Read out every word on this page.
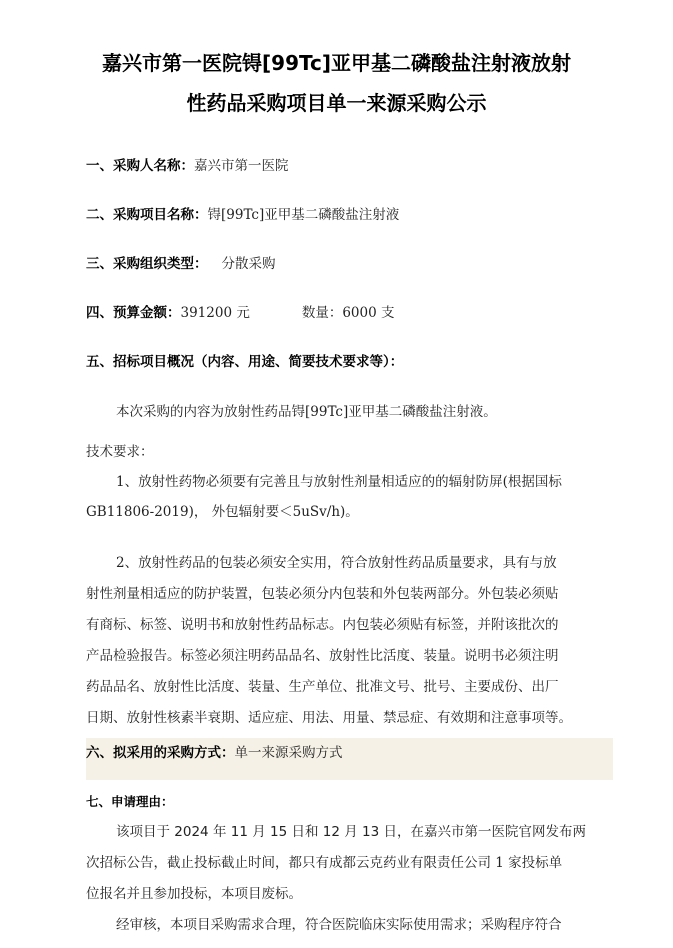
嘉兴市第一医院锝[99Tc]亚甲基二磷酸盐注射液放射
性药品采购项目单一来源采购公示
一、采购人名称：嘉兴市第一医院
二、采购项目名称：锝[99Tc]亚甲基二磷酸盐注射液
三、采购组织类型： 分散采购
四、预算金额：391200 元	数量：6000 支
五、招标项目概况（内容、用途、简要技术要求等）：
本次采购的内容为放射性药品锝[99Tc]亚甲基二磷酸盐注射液。
技术要求：
1、放射性药物必须要有完善且与放射性剂量相适应的的辐射防屏(根据国标
GB11806-2019)， 外包辐射要＜5uSv/h)。
2、放射性药品的包装必须安全实用，符合放射性药品质量要求，具有与放
射性剂量相适应的防护装置，包装必须分内包装和外包装两部分。外包装必须贴
有商标、标签、说明书和放射性药品标志。内包装必须贴有标签，并附该批次的
产品检验报告。标签必须注明药品品名、放射性比活度、装量。说明书必须注明
药品品名、放射性比活度、装量、生产单位、批准文号、批号、主要成份、出厂
日期、放射性核素半衰期、适应症、用法、用量、禁忌症、有效期和注意事项等。
六、拟采用的采购方式：单一来源采购方式
七、申请理由：
该项目于 2024 年 11 月 15 日和 12 月 13 日，在嘉兴市第一医院官网发布两
次招标公告，截止投标截止时间，都只有成都云克药业有限责任公司 1 家投标单
位报名并且参加投标，本项目废标。
经审核，本项目采购需求合理，符合医院临床实际使用需求；采购程序符合
